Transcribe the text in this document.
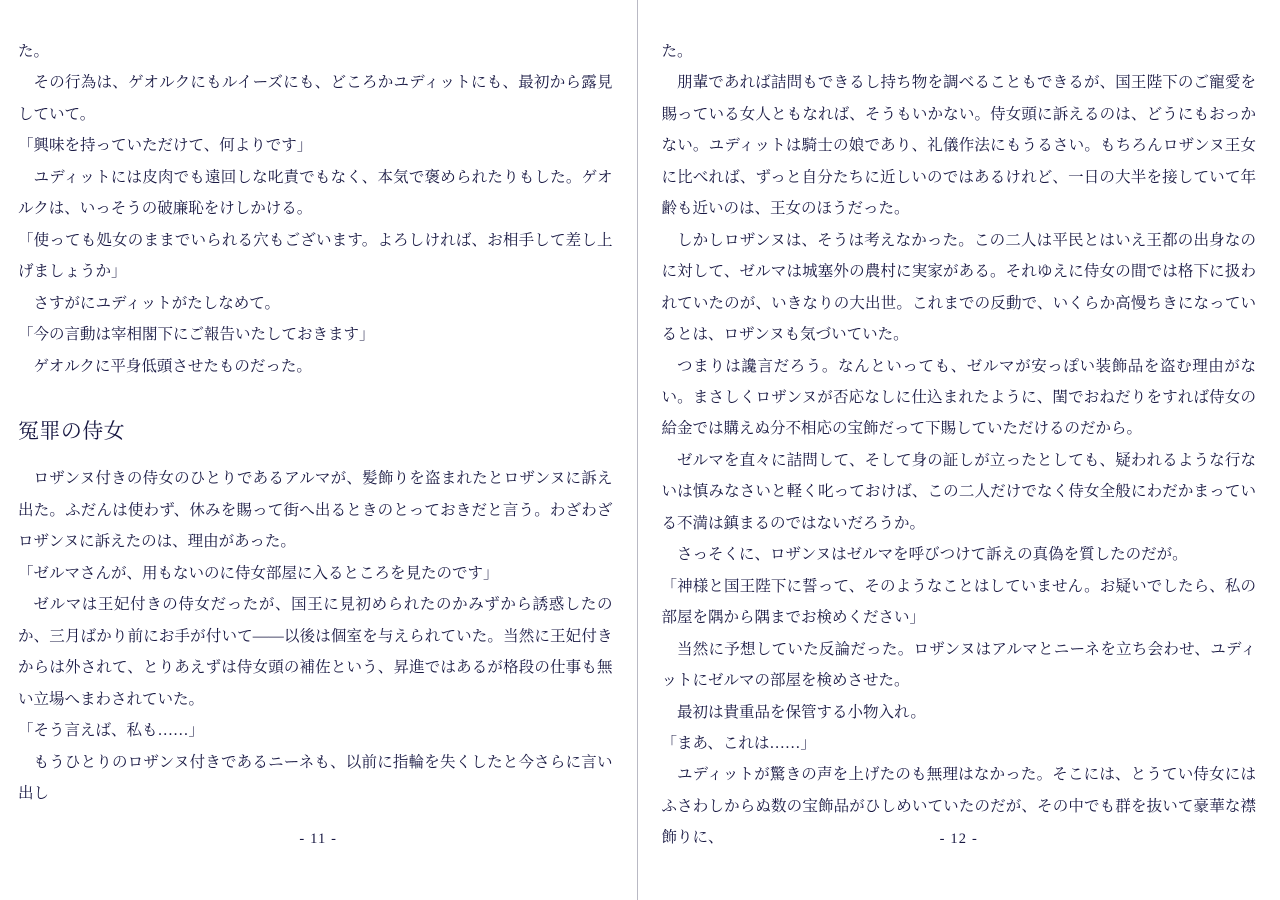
た。

その行為は、ゲオルクにもルイーズにも、どころかユディットにも、最初から露見していて。

「興味を持っていただけて、何よりです」

ユディットには皮肉でも遠回しな叱責でもなく、本気で褒められたりもした。ゲオルクは、いっそうの破廉恥をけしかける。

「使っても処女のままでいられる穴もございます。よろしければ、お相手して差し上げましょうか」

さすがにユディットがたしなめて。

「今の言動は宰相閣下にご報告いたしておきます」

ゲオルクに平身低頭させたものだった。

冤罪の侍女

ロザンヌ付きの侍女のひとりであるアルマが、髪飾りを盗まれたとロザンヌに訴え出た。ふだんは使わず、休みを賜って街へ出るときのとっておきだと言う。わざわざロザンヌに訴えたのは、理由があった。

「ゼルマさんが、用もないのに侍女部屋に入るところを見たのです」

ゼルマは王妃付きの侍女だったが、国王に見初められたのかみずから誘惑したのか、三月ばかり前にお手が付いて――以後は個室を与えられていた。当然に王妃付きからは外されて、とりあえずは侍女頭の補佐という、昇進ではあるが格段の仕事も無い立場へまわされていた。

「そう言えば、私も……」

もうひとりのロザンヌ付きであるニーネも、以前に指輪を失くしたと今さらに言い出し

- 11 -

た。

朋輩であれば詰問もできるし持ち物を調べることもできるが、国王陛下のご寵愛を賜っている女人ともなれば、そうもいかない。侍女頭に訴えるのは、どうにもおっかない。ユディットは騎士の娘であり、礼儀作法にもうるさい。もちろんロザンヌ王女に比べれば、ずっと自分たちに近しいのではあるけれど、一日の大半を接していて年齢も近いのは、王女のほうだった。

しかしロザンヌは、そうは考えなかった。この二人は平民とはいえ王都の出身なのに対して、ゼルマは城塞外の農村に実家がある。それゆえに侍女の間では格下に扱われていたのが、いきなりの大出世。これまでの反動で、いくらか高慢ちきになっているとは、ロザンヌも気づいていた。

つまりは讒言だろう。なんといっても、ゼルマが安っぽい装飾品を盗む理由がない。まさしくロザンヌが否応なしに仕込まれたように、閨でおねだりをすれば侍女の給金では購えぬ分不相応の宝飾だって下賜していただけるのだから。

ゼルマを直々に詰問して、そして身の証しが立ったとしても、疑われるような行ないは慎みなさいと軽く叱っておけば、この二人だけでなく侍女全般にわだかまっている不満は鎮まるのではないだろうか。

さっそくに、ロザンヌはゼルマを呼びつけて訴えの真偽を質したのだが。

「神様と国王陛下に誓って、そのようなことはしていません。お疑いでしたら、私の部屋を隅から隅までお検めください」

当然に予想していた反論だった。ロザンヌはアルマとニーネを立ち会わせ、ユディットにゼルマの部屋を検めさせた。

最初は貴重品を保管する小物入れ。

「まあ、これは……」

ユディットが驚きの声を上げたのも無理はなかった。そこには、とうてい侍女にはふさわしからぬ数の宝飾品がひしめいていたのだが、その中でも群を抜いて豪華な襟飾りに、	- 12 -
